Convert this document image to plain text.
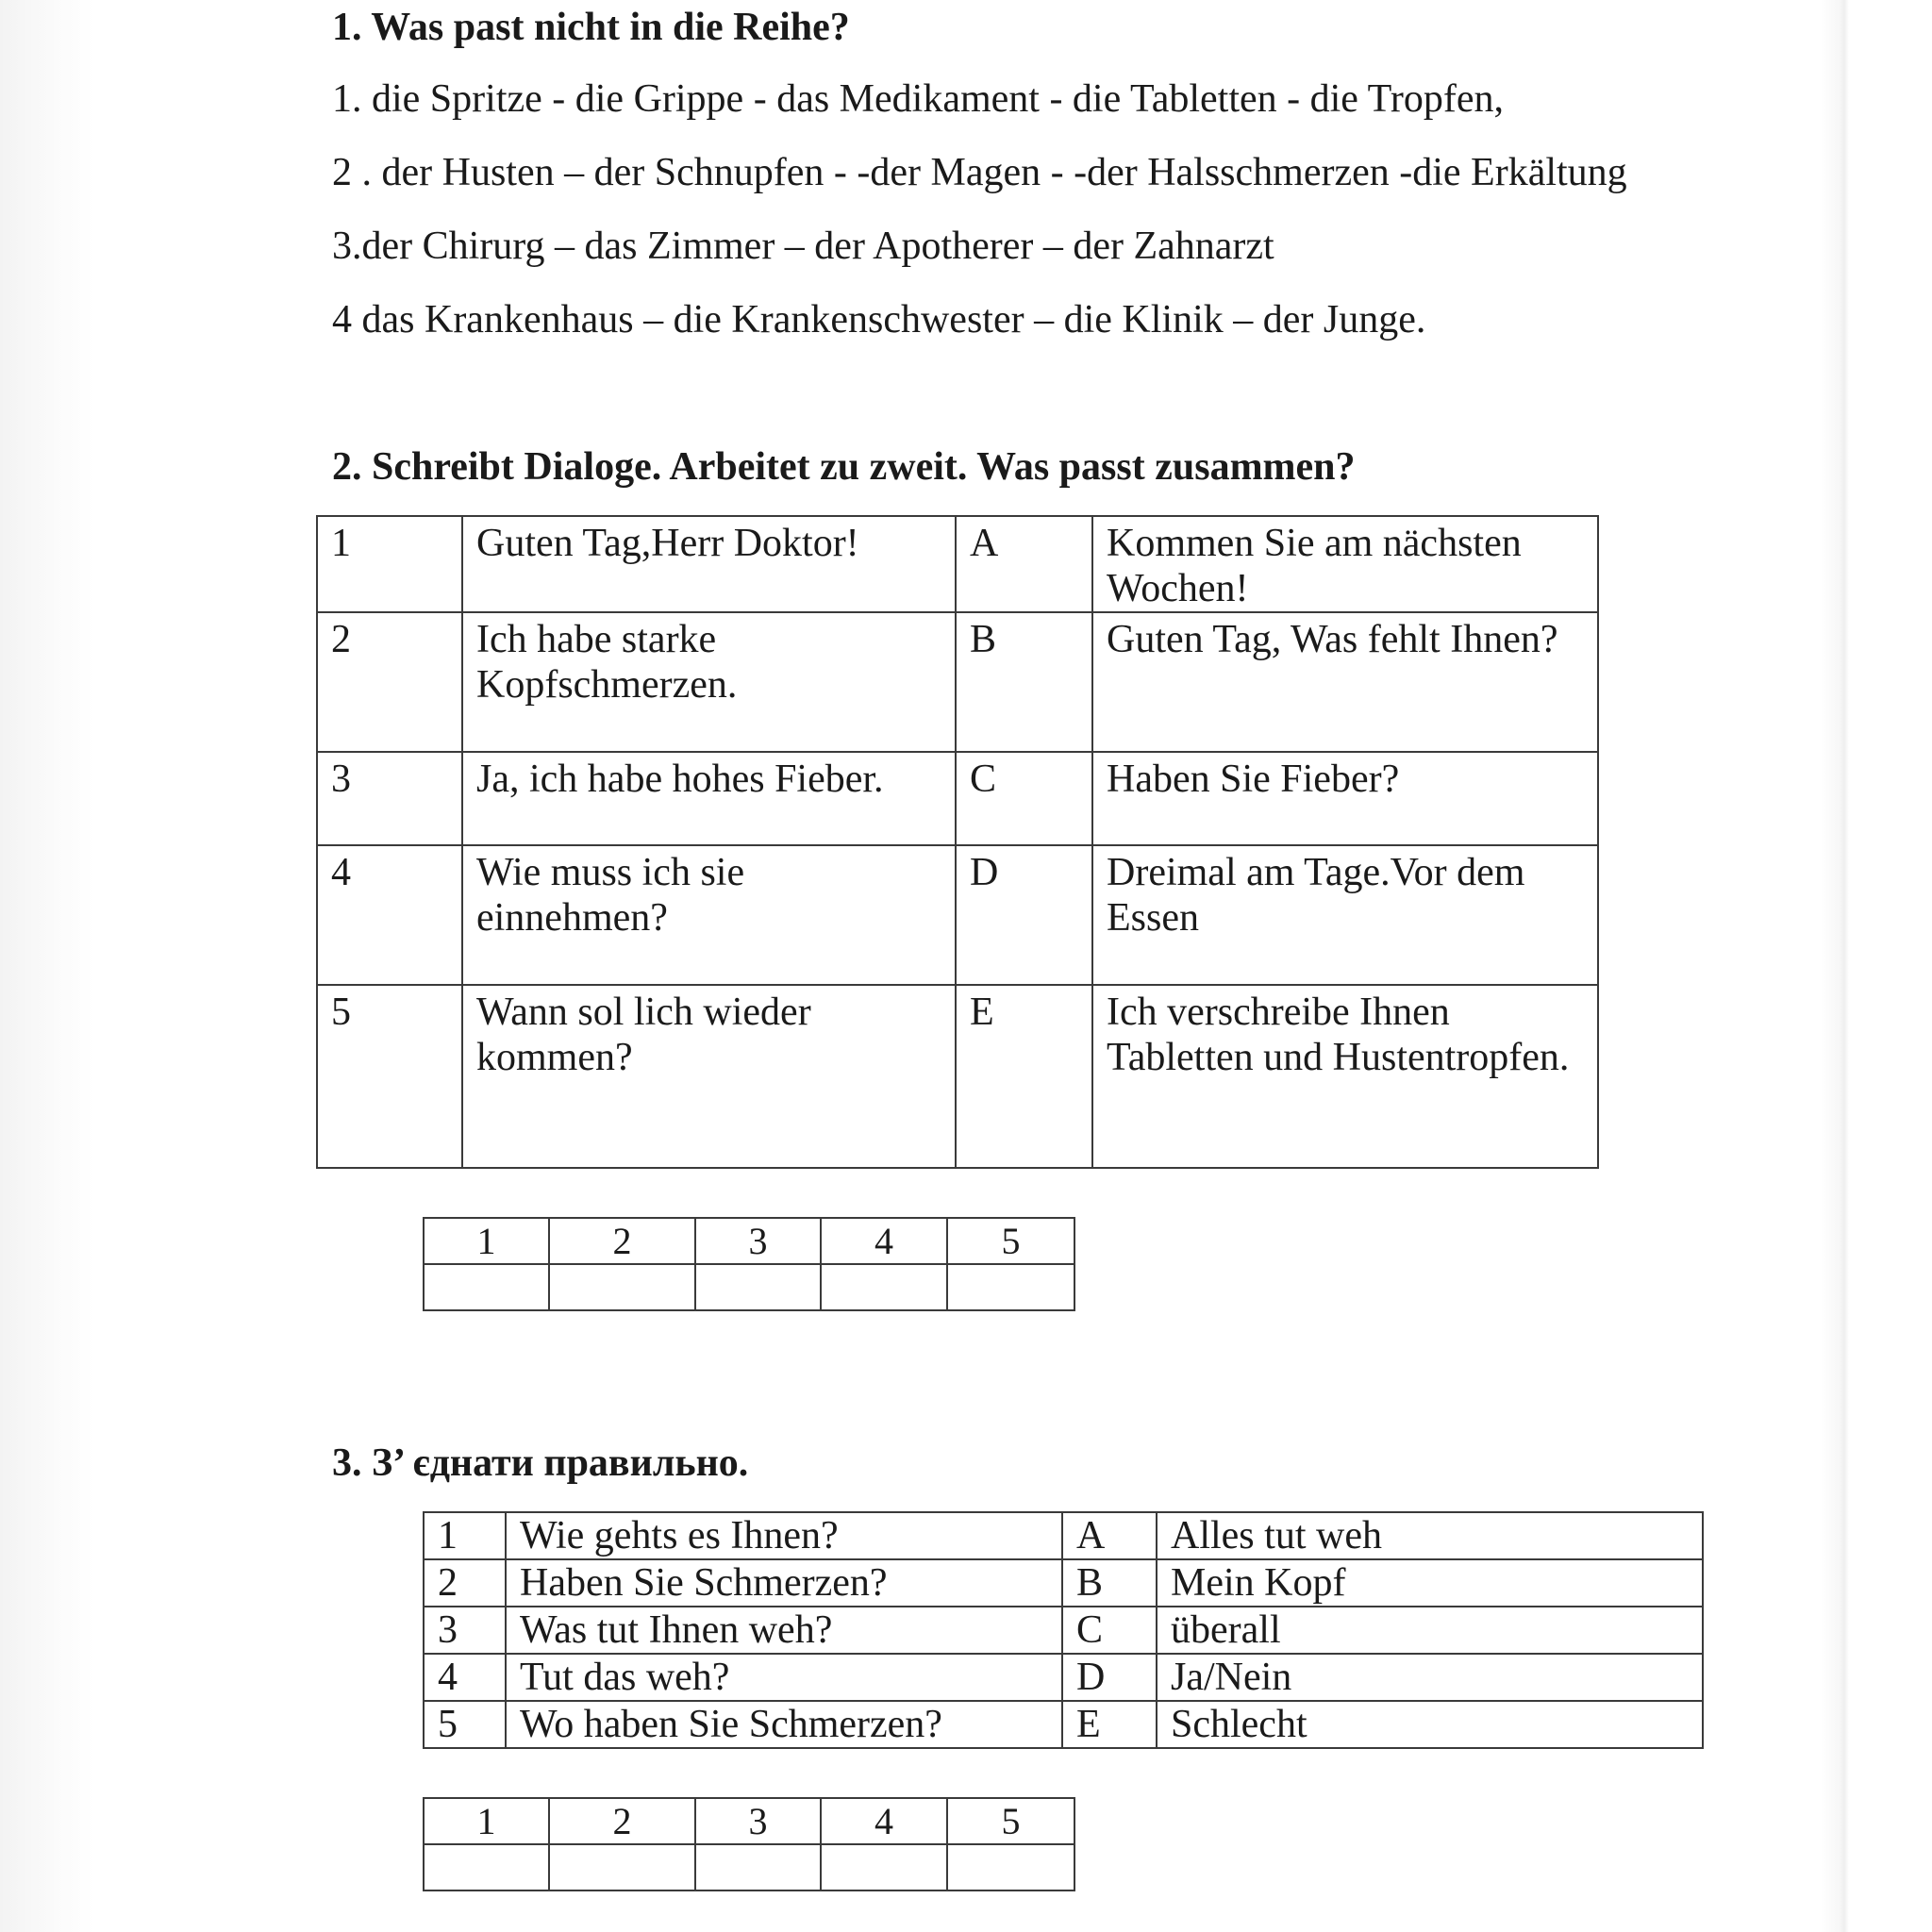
1. Was past nicht in die Reihe?
1. die Spritze - die Grippe - das Medikament - die Tabletten - die Tropfen,
2 . der Husten – der Schnupfen - -der Magen - -der Halsschmerzen -die Erkältung
3.der Chirurg – das Zimmer – der Apotherer – der Zahnarzt
4 das Krankenhaus – die Krankenschwester – die Klinik – der Junge.
2. Schreibt Dialoge. Arbeitet zu zweit. Was passt zusammen?
1	Guten Tag,Herr Doktor!	A	Kommen Sie am nächsten Wochen!
2	Ich habe starke Kopfschmerzen.	B	Guten Tag, Was fehlt Ihnen?
3	Ja, ich habe hohes Fieber.	C	Haben Sie Fieber?
4	Wie muss ich sie einnehmen?	D	Dreimal am Tage.Vor dem Essen
5	Wann sol lich wieder kommen?	E	Ich verschreibe Ihnen Tabletten und Hustentropfen.
1	2	3	4	5

3. З’ єднати правильно.
1	Wie gehts es Ihnen?	A	Alles tut weh
2	Haben Sie Schmerzen?	B	Mein Kopf
3	Was tut Ihnen weh?	C	überall
4	Tut das weh?	D	Ja/Nein
5	Wo haben Sie Schmerzen?	E	Schlecht
1	2	3	4	5
